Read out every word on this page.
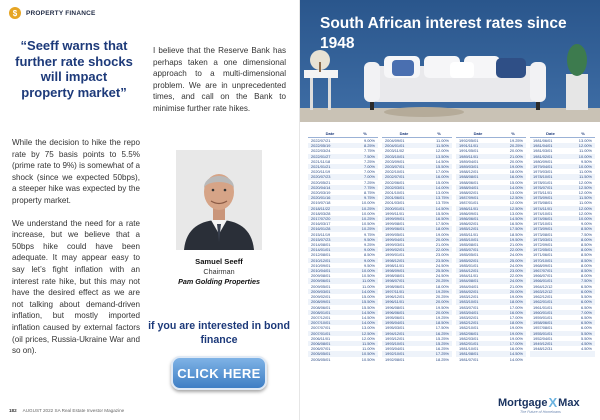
$	PROPERTY FINANCE
“Seeff warns that further rate shocks will impact property market”

While the decision to hike the repo rate by 75 basis points to 5.5% (prime rate to 9%) is somewhat of a shock (since we expected 50bps), a steeper hike was expected by the property market.

We understand the need for a rate increase, but we believe that a 50bps hike could have been adequate. It may appear easy to say let’s fight inflation with an interest rate hike, but this may not have the desired effect as we are not talking about demand-driven inflation, but mostly imported inflation caused by external factors (oil prices, Russia-Ukraine War and so on).

I believe that the Reserve Bank has perhaps taken a one dimensional approach to a multi-dimensional problem. We are in unprecedented times, and call on the Bank to minimise further rate hikes.
Samuel Seeff
Chairman
Pam Golding Properties
if you are interested in bond finance
CLICK HERE
182 AUGUST 2022 SA Real Estate Investor Magazine
South African interest rates since 1948
Date	%		Date	%		Date	%		Date	%
2022/07/21	9.00%		2004/09/01	11.00%		1992/05/01	19.25%		1981/06/01	13.00%
2022/05/19	8.25%		2004/01/01	11.50%		1991/11/01	20.25%		1981/04/01	12.00%
2022/03/24	7.75%		2003/11/02	12.00%		1991/05/01	20.00%		1981/03/01	11.00%
2022/01/27	7.50%		2003/10/01	13.50%		1989/11/01	21.00%		1981/02/01	10.00%
2021/11/18	7.25%		2003/09/01	14.50%		1989/04/01	20.00%		1980/09/01	9.50%
2021/01/21	7.00%		2003/07/01	15.50%		1989/03/01	19.00%		1979/04/01	10.00%
2020/11/19	7.00%		2002/10/01	17.00%		1988/12/01	18.00%		1979/03/01	11.00%
2020/07/23	7.00%		2002/07/01	16.00%		1988/08/01	16.00%		1978/10/01	11.50%
2020/05/21	7.25%		2002/06/01	15.00%		1988/06/01	15.00%		1978/01/01	12.00%
2020/04/14	7.75%		2002/03/01	14.00%		1988/04/01	14.00%		1976/07/01	12.50%
2020/03/19	8.75%		2001/10/01	13.00%		1988/02/01	13.00%		1975/11/01	12.00%
2020/01/16	9.75%		2001/06/01	13.75%		1987/09/01	12.50%		1975/09/01	11.50%
2019/07/18	10.00%		2001/03/01	13.75%		1987/01/01	12.00%		1975/08/01	11.00%
2018/11/22	10.25%		2000/01/01	14.50%		1986/11/01	12.50%		1974/11/01	12.00%
2018/03/28	10.00%		1999/11/01	15.50%		1986/09/01	13.00%		1974/10/01	12.00%
2017/07/20	10.25%		1999/09/01	16.50%		1986/06/01	14.50%		1974/06/01	10.00%
2016/03/17	10.50%		1999/08/01	17.50%		1986/02/01	16.50%		1973/10/01	9.00%
2016/01/28	10.25%		1999/06/01	18.00%		1985/12/01	17.50%		1973/09/01	8.50%
2015/11/19	9.75%		1999/05/01	19.00%		1985/11/01	18.50%		1973/08/01	7.50%
2015/07/23	9.50%		1999/04/01	20.00%		1985/10/01	19.50%		1973/03/01	8.00%
2014/08/01	9.25%		1999/03/01	21.00%		1985/08/01	21.00%		1972/09/01	8.50%
2014/01/01	9.00%		1999/02/01	22.00%		1985/07/01	22.00%		1972/05/01	8.00%
2012/08/01	8.50%		1999/01/01	23.00%		1985/05/01	24.00%		1971/06/01	8.50%
2010/12/01	9.00%		1998/12/01	23.50%		1985/02/01	25.00%		1970/10/01	8.50%
2010/09/01	9.50%		1998/11/01	24.50%		1985/01/01	24.00%		1968/09/01	8.00%
2010/04/01	10.00%		1998/09/01	25.50%		1984/12/01	23.00%		1967/07/01	8.50%
2009/08/01	10.50%		1998/08/01	24.50%		1984/11/01	22.00%		1966/07/01	8.00%
2009/06/01	11.00%		1998/07/01	20.25%		1984/08/01	24.00%		1966/01/01	7.50%
2009/05/01	11.00%		1998/06/01	18.00%		1984/04/01	21.00%		1964/12/12	6.50%
2009/03/01	14.00%		1997/11/01	19.25%		1984/02/01	20.00%		1963/12/12	6.00%
2009/02/01	15.00%		1996/12/01	20.25%		1983/12/01	19.00%		1962/12/01	5.50%
2008/09/01	15.50%		1996/11/01	20.00%		1983/10/01	18.00%		1962/01/01	6.00%
2008/06/01	15.50%		1996/08/01	19.50%		1983/07/01	17.00%		1961/01/01	6.50%
2008/01/01	14.50%		1996/06/01	20.00%		1983/04/01	16.00%		1960/01/01	7.00%
2007/12/01	14.50%		1995/06/01	19.25%		1983/02/01	17.00%		1959/01/01	6.50%
2007/10/01	14.00%		1995/04/01	18.50%		1982/12/01	18.00%		1958/06/01	6.50%
2007/07/01	13.00%		1995/03/01	17.50%		1982/10/01	19.00%		1957/08/01	6.00%
2007/01/01	12.50%		1994/12/01	16.25%		1982/06/01	19.00%		1955/01/01	5.50%
2006/11/01	12.00%		1993/12/01	15.25%		1982/03/01	19.00%		1952/04/01	5.50%
2006/08/01	11.50%		1993/10/01	15.25%		1982/01/01	17.00%		1949/12/01	4.50%
2006/07/01	11.00%		1993/04/01	16.25%		1981/10/01	16.00%		1948/12/31	4.50%
2005/05/01	10.50%		1992/10/01	17.25%		1981/08/01	14.50%			
2005/05/01	10.50%		1992/08/01	18.25%		1981/07/01	14.00%			
Mortgage X Max
The Future of Homeloans
